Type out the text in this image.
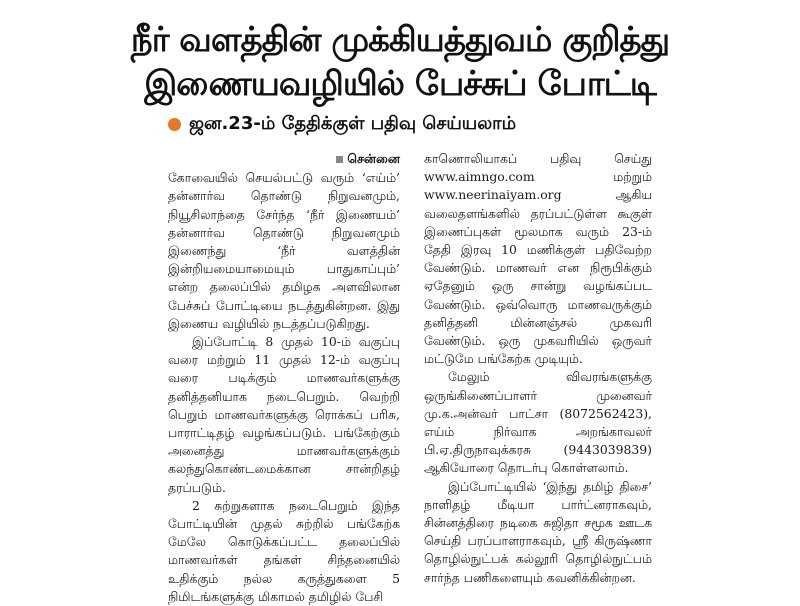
நீர் வளத்தின் முக்கியத்துவம் குறித்து
இணையவழியில் பேச்சுப் போட்டி
ஜன.23-ம் தேதிக்குள் பதிவு செய்யலாம்
சென்னை

கோவையில் செயல்பட்டு வரும் ‘எய்ம்’ தன்னார்வ தொண்டு நிறுவனமும், நியூசிலாந்தை சேர்ந்த ‘நீர் இணையம்’ தன்னார்வ தொண்டு நிறுவனமும் இணைந்து ‘நீர் வளத்தின் இன்றியமையாமையும் பாதுகாப்பும்’ என்ற தலைப்பில் தமிழக அளவிலான பேச்சுப் போட்டியை நடத்துகின்றன. இது இணைய வழியில் நடத்தப்படுகிறது.

இப்போட்டி 8 முதல் 10-ம் வகுப்பு வரை மற்றும் 11 முதல் 12-ம் வகுப்பு வரை படிக்கும் மாணவர்களுக்கு தனித்தனியாக நடைபெறும். வெற்றி பெறும் மாணவர்களுக்கு ரொக்கப் பரிசு, பாராட்டிதழ் வழங்கப்படும். பங்கேற்கும் அனைத்து மாணவர்களுக்கும் கலந்துகொண்டமைக்கான சான்றிதழ் தரப்படும்.

2 சுற்றுகளாக நடைபெறும் இந்த போட்டியின் முதல் சுற்றில் பங்கேற்க மேலே கொடுக்கப்பட்ட தலைப்பில் மாணவர்கள் தங்கள் சிந்தனையில் உதிக்கும் நல்ல கருத்துகளை 5 நிமிடங்களுக்கு மிகாமல் தமிழில் பேசி

காணொலியாகப் பதிவு செய்து www.aimngo.com மற்றும் www.neerinaiyam.org ஆகிய வலைதளங்களில் தரப்பட்டுள்ள கூகுள் இணைப்புகள் மூலமாக வரும் 23-ம் தேதி இரவு 10 மணிக்குள் பதிவேற்ற வேண்டும். மாணவர் என நிரூபிக்கும் ஏதேனும் ஒரு சான்று வழங்கப்பட வேண்டும். ஒவ்வொரு மாணவருக்கும் தனித்தனி மின்னஞ்சல் முகவரி வேண்டும். ஒரு முகவரியில் ஒருவர் மட்டுமே பங்கேற்க முடியும்.

மேலும் விவரங்களுக்கு ஒருங்கிணைப்பாளர் முனைவர் மு.க.அன்வர் பாட்சா (8072562423), எய்ம் நிர்வாக அறங்காவலர் பி.ஏ.திருநாவுக்கரசு (9443039839) ஆகியோரை தொடர்பு கொள்ளலாம்.

இப்போட்டியில் ‘இந்து தமிழ் திசை’ நாளிதழ் மீடியா பார்ட்னராகவும், சின்னத்திரை நடிகை சுஜிதா சமூக ஊடக செய்தி பரப்பாளராகவும், ஸ்ரீ கிருஷ்ணா தொழில்நுட்பக் கல்லூரி தொழில்நுட்பம் சார்ந்த பணிகளையும் கவனிக்கின்றன.
